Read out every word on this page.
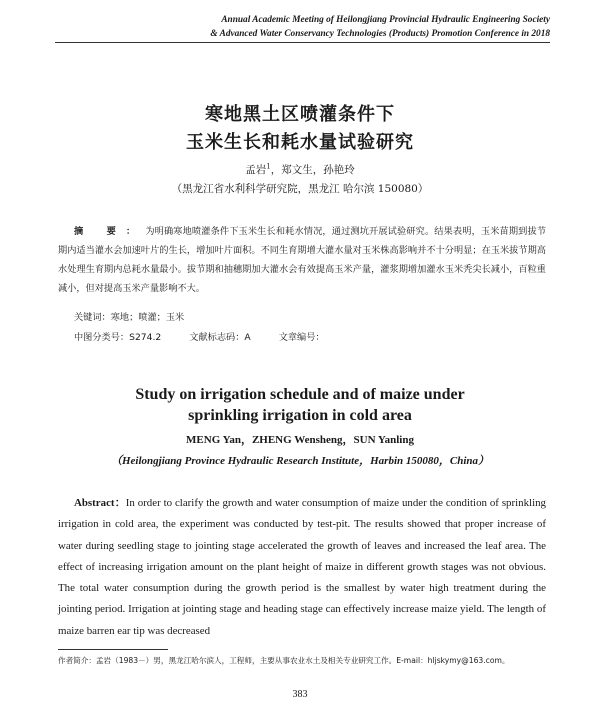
Annual Academic Meeting of Heilongjiang Provincial Hydraulic Engineering Society
& Advanced Water Conservancy Technologies (Products) Promotion Conference in 2018
寒地黑土区喷灌条件下
玉米生长和耗水量试验研究
孟岩$^1$，郑文生，孙艳玲
（黑龙江省水利科学研究院，黑龙江 哈尔滨 150080）
摘 要：为明确寒地喷灌条件下玉米生长和耗水情况，通过测坑开展试验研究。结果表明，玉米苗期到拔节期内适当灌水会加速叶片的生长，增加叶片面积。不同生育期增大灌水量对玉米株高影响并不十分明显；在玉米拔节期高水处理生育期内总耗水量最小。拔节期和抽穗期加大灌水会有效提高玉米产量，灌浆期增加灌水玉米秃尖长减小，百粒重减小，但对提高玉米产量影响不大。
关键词：寒地；喷灌；玉米
中图分类号：S274.2	文献标志码：A	文章编号：
Study on irrigation schedule and of maize under
sprinkling irrigation in cold area
MENG Yan，ZHENG Wensheng，SUN Yanling
（Heilongjiang Province Hydraulic Research Institute，Harbin 150080，China）
Abstract：In order to clarify the growth and water consumption of maize under the condition of sprinkling irrigation in cold area, the experiment was conducted by test-pit. The results showed that proper increase of water during seedling stage to jointing stage accelerated the growth of leaves and increased the leaf area. The effect of increasing irrigation amount on the plant height of maize in different growth stages was not obvious. The total water consumption during the growth period is the smallest by water high treatment during the jointing period. Irrigation at jointing stage and heading stage can effectively increase maize yield. The length of maize barren ear tip was decreased
作者简介：孟岩（1983－）男，黑龙江哈尔滨人，工程师，主要从事农业水土及相关专业研究工作。E-mail：hljskymy@163.com。
383
